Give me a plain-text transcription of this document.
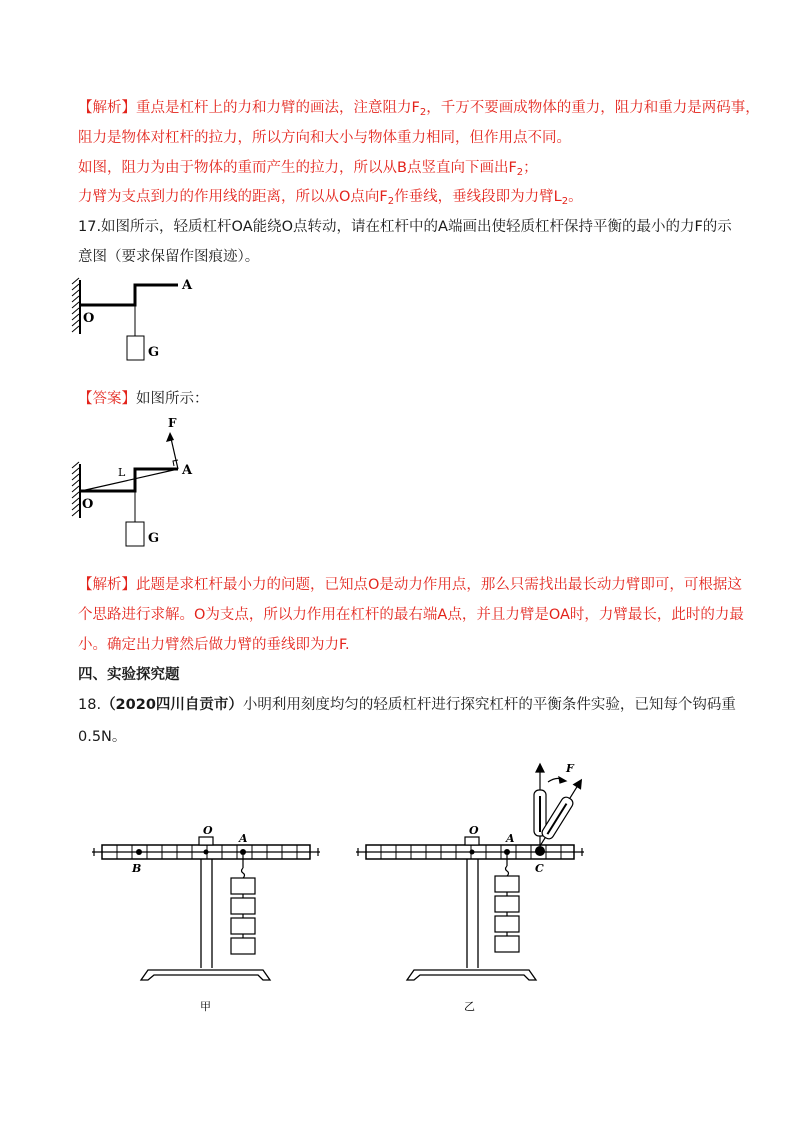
【解析】重点是杠杆上的力和力臂的画法，注意阻力$F_2$，千万不要画成物体的重力，阻力和重力是两码事，
阻力是物体对杠杆的拉力，所以方向和大小与物体重力相同，但作用点不同。
如图，阻力为由于物体的重而产生的拉力，所以从B点竖直向下画出$F_2$；
力臂为支点到力的作用线的距离，所以从O点向$F_2$作垂线，垂线段即为力臂$L_2$。
17.如图所示，轻质杠杆OA能绕O点转动，请在杠杆中的A端画出使轻质杠杆保持平衡的最小的力F的示
意图（要求保留作图痕迹）。
A
O
G
【答案】如图所示：
F
L	A
O
G
【解析】此题是求杠杆最小力的问题，已知点O是动力作用点，那么只需找出最长动力臂即可，可根据这
个思路进行求解。O为支点，所以力作用在杠杆的最右端A点，并且力臂是OA时，力臂最长，此时的力最
小。确定出力臂然后做力臂的垂线即为力F.
四、实验探究题
18.（2020四川自贡市）小明利用刻度均匀的轻质杠杆进行探究杠杆的平衡条件实验，已知每个钩码重
0.5N。
O
A
B
甲
F
O
A
C
乙
